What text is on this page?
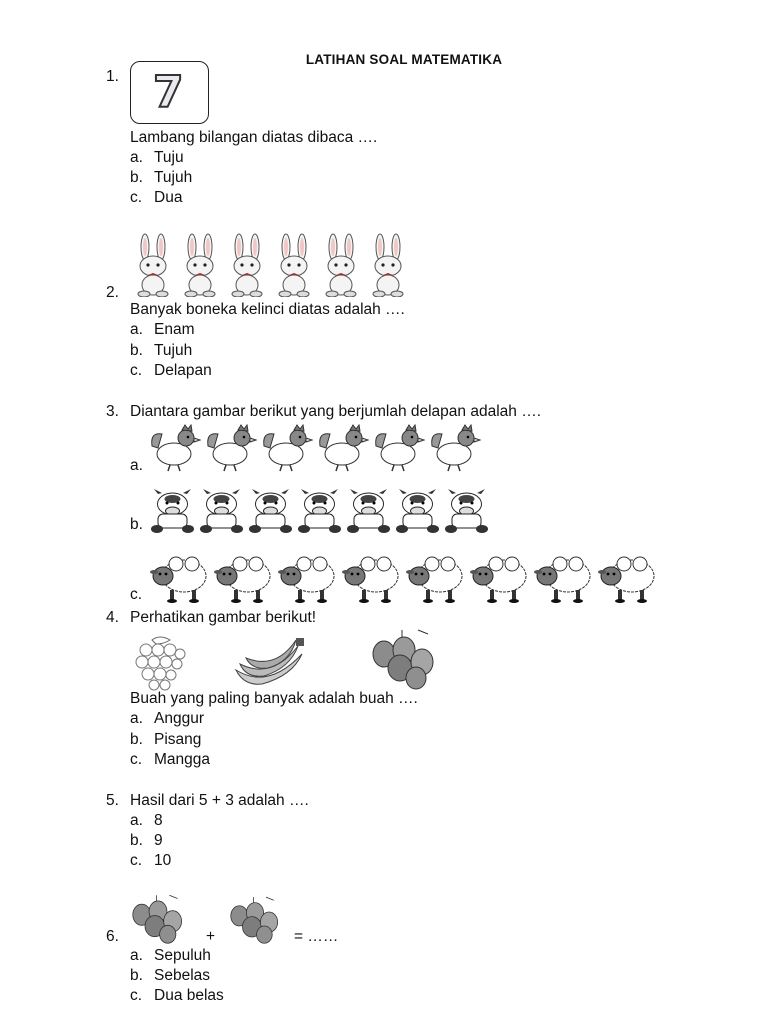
LATIHAN SOAL MATEMATIKA
1. 7
Lambang bilangan diatas dibaca ….
a. Tuju
b. Tujuh
c. Dua
2.
Banyak boneka kelinci diatas adalah ….
a. Enam
b. Tujuh
c. Delapan
3. Diantara gambar berikut yang berjumlah delapan adalah ….
a.
b.
c.
4. Perhatikan gambar berikut!
Buah yang paling banyak adalah buah ….
a. Anggur
b. Pisang
c. Mangga
5. Hasil dari 5 + 3 adalah ….
a. 8
b. 9
c. 10
+
6.	= ……
a. Sepuluh
b. Sebelas
c. Dua belas
